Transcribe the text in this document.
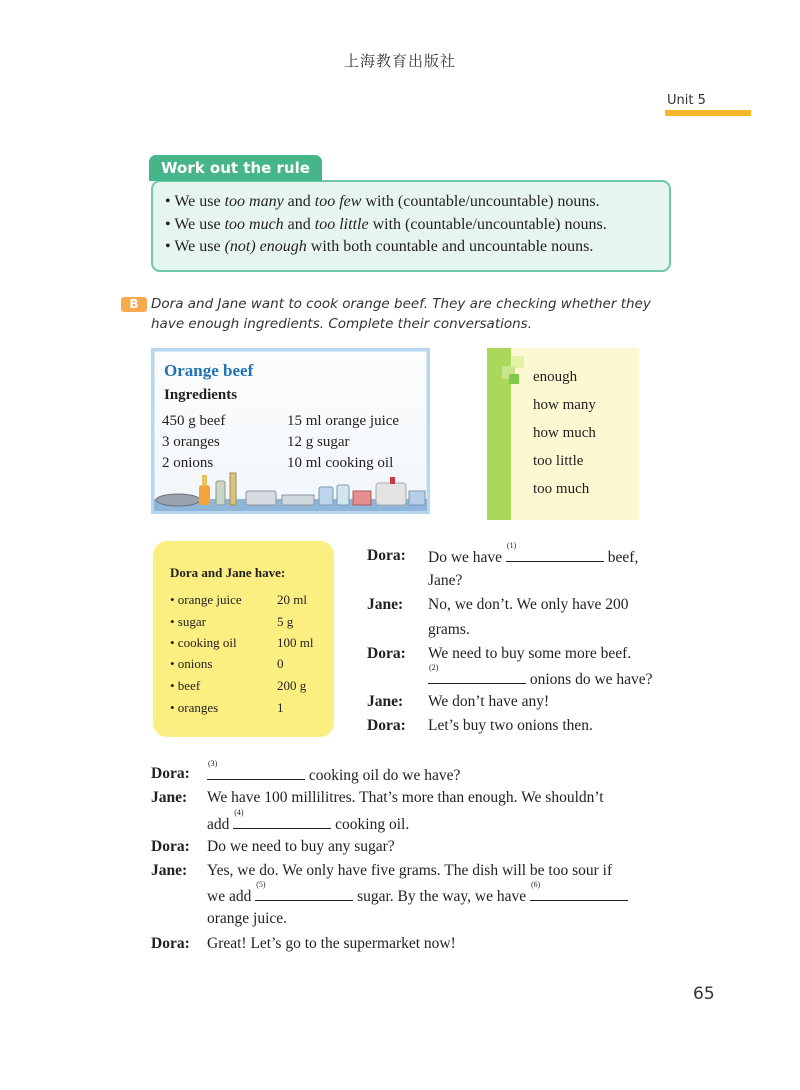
上海教育出版社
Unit 5
Work out the rule
• We use too many and too few with (countable/uncountable) nouns.
• We use too much and too little with (countable/uncountable) nouns.
• We use (not) enough with both countable and uncountable nouns.
B Dora and Jane want to cook orange beef. They are checking whether they have enough ingredients. Complete their conversations.
Orange beef
Ingredients
450 g beef
3 oranges
2 onions
15 ml orange juice
12 g sugar
10 ml cooking oil
enough
how many
how much
too little
too much
Dora and Jane have:
• orange juice	20 ml
• sugar	5 g
• cooking oil	100 ml
• onions	0
• beef	200 g
• oranges	1
Dora: Do we have
(1)
beef,
Jane?
Jane: No, we don’t. We only have 200
grams.
Dora: We need to buy some more beef.
(2)
onions do we have?
Jane: We don’t have any!
Dora: Let’s buy two onions then.
Dora:
(3)
cooking oil do we have?
Jane: We have 100 millilitres. That’s more than enough. We shouldn’t
add
(4)
cooking oil.
Dora: Do we need to buy any sugar?
Jane: Yes, we do. We only have five grams. The dish will be too sour if
we add
(5)
sugar. By the way, we have
(6)
orange juice.
Dora: Great! Let’s go to the supermarket now!
65
